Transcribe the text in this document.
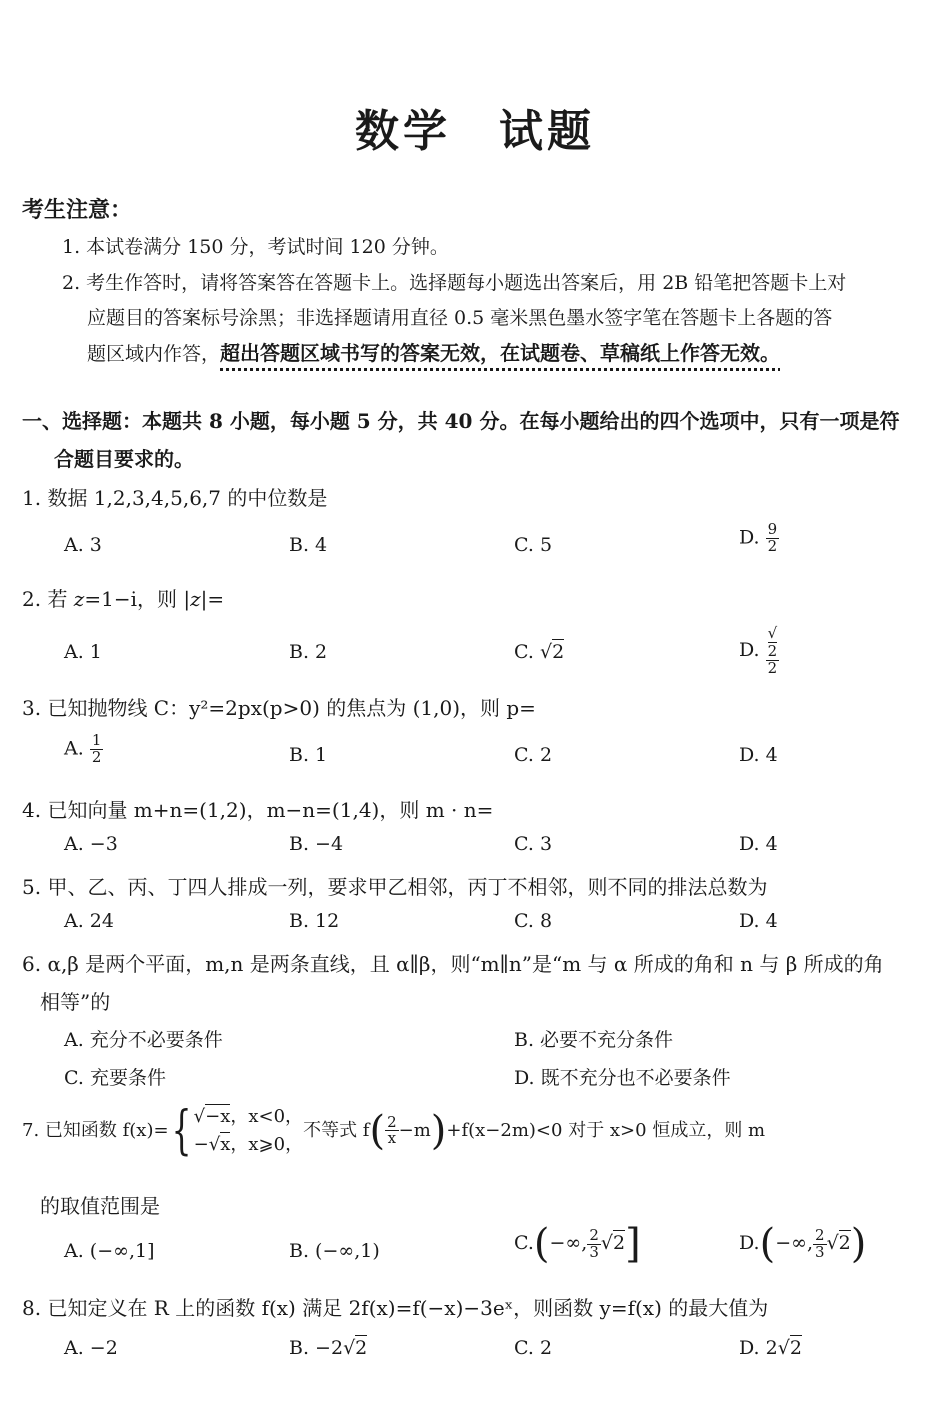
数学　试题
考生注意：
1. 本试卷满分 150 分，考试时间 120 分钟。
2. 考生作答时，请将答案答在答题卡上。选择题每小题选出答案后，用 2B 铅笔把答题卡上对
应题目的答案标号涂黑；非选择题请用直径 0.5 毫米黑色墨水签字笔在答题卡上各题的答
题区域内作答，超出答题区域书写的答案无效，在试题卷、草稿纸上作答无效。
一、选择题：本题共 8 小题，每小题 5 分，共 40 分。在每小题给出的四个选项中，只有一项是符
合题目要求的。
1. 数据 1,2,3,4,5,6,7 的中位数是
A. 3	B. 4	C. 5	D. $\frac{9}{2}$
2. 若 z=1−i，则 |z|=
A. 1	B. 2	C. √2	D. √
2
2
3. 已知抛物线 C：y²=2px(p>0) 的焦点为 (1,0)，则 p=
A. $\frac{1}{2}$	B. 1	C. 2	D. 4
4. 已知向量 m+n=(1,2)，m−n=(1,4)，则 m · n=
A. −3	B. −4	C. 3	D. 4
5. 甲、乙、丙、丁四人排成一列，要求甲乙相邻，丙丁不相邻，则不同的排法总数为
A. 24	B. 12	C. 8	D. 4
6. α,β 是两个平面，m,n 是两条直线，且 α∥β，则“m∥n”是“m 与 α 所成的角和 n 与 β 所成的角
相等”的
A. 充分不必要条件	B. 必要不充分条件
C. 充要条件	D. 既不充分也不必要条件
7. 已知函数 f(x)={ √−x，x<0，
−√x，x⩾0，
不等式 $f( \frac{2}{x} -m)+f(x-2m)<0$ 对于 x>0 恒成立，则 m
的取值范围是
A. (−∞,1]	B. (−∞,1)	C.(−∞, $\frac{2}{3} √2$]	D.(−∞, $\frac{2}{3} √2$)
8. 已知定义在 R 上的函数 f(x) 满足 2f(x)=f(−x)−3eˣ，则函数 y=f(x) 的最大值为
A. −2	B. −2√2	C. 2	D. 2√2
